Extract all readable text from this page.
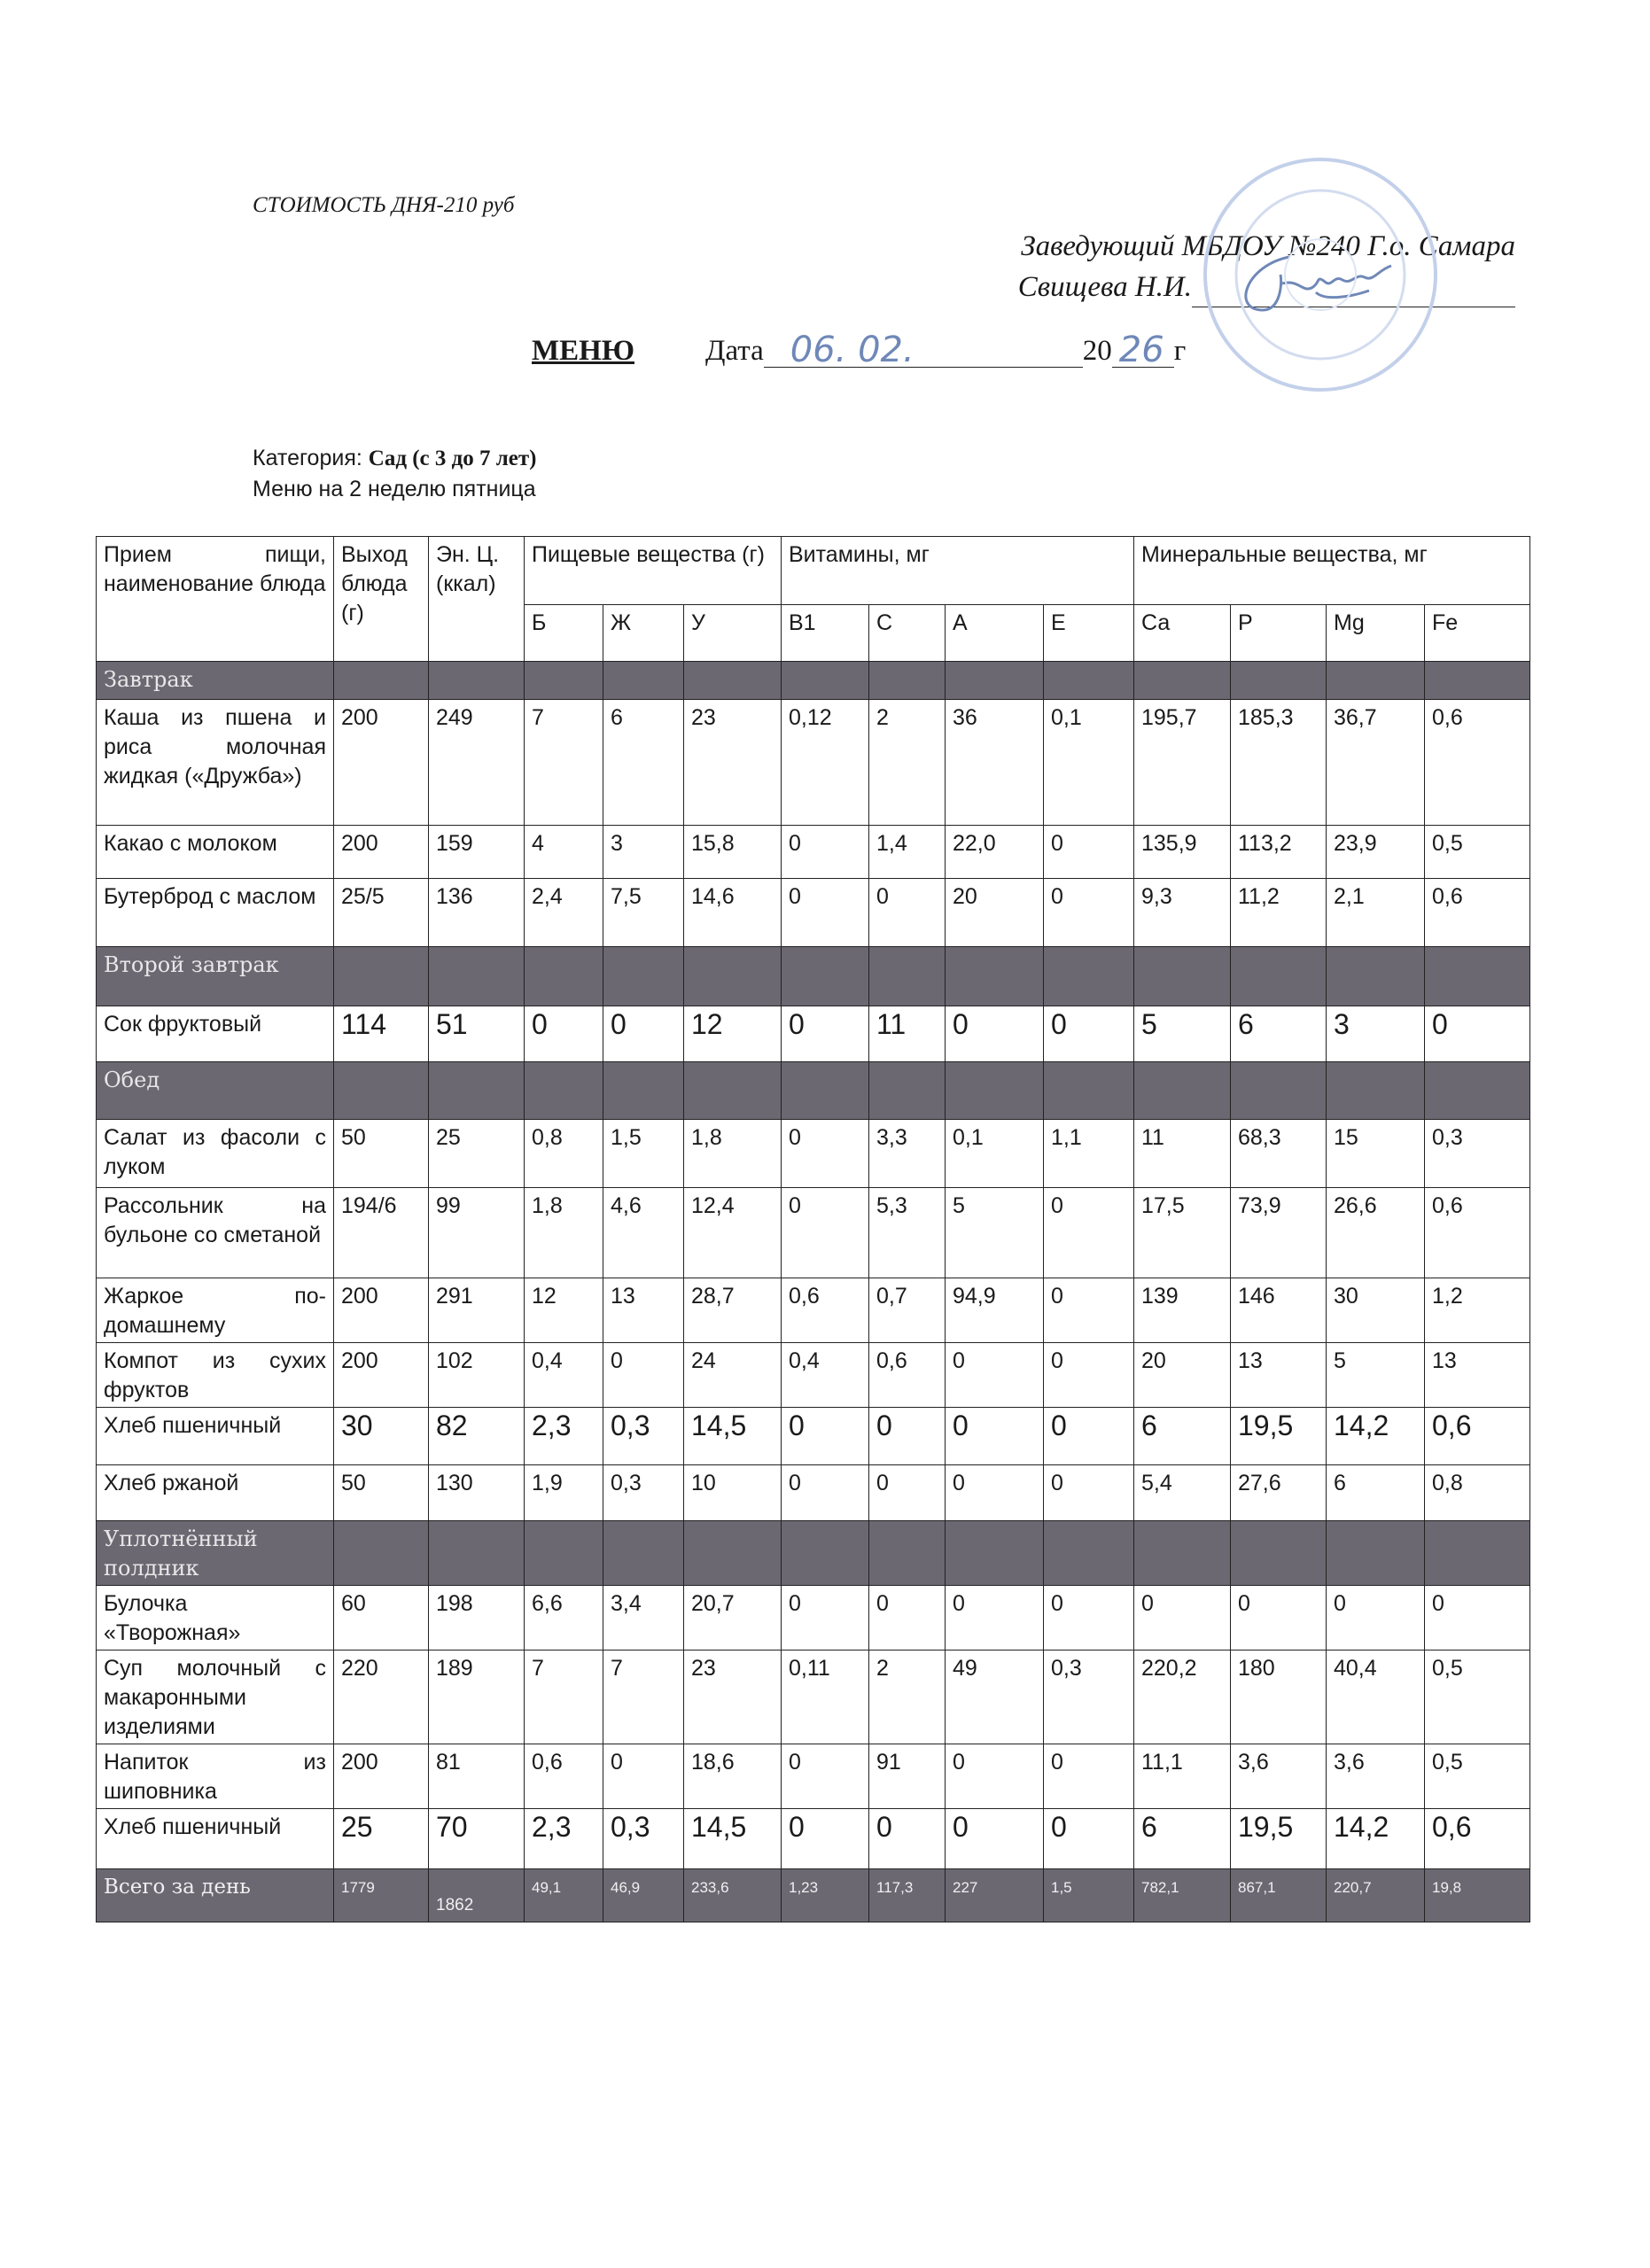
СТОИМОСТЬ ДНЯ-210 руб
Заведующий МБДОУ №240 Г.о. Самара
Свищева Н.И.
МЕНЮ Дата 06. 02.	20 26 г
Категория: Сад (с 3 до 7 лет)
Меню на 2 неделю пятница
Прием пищи, наименование блюда	Выход блюда (г)	Эн. Ц. (ккал)	Пищевые вещества (г)			Витамины, мг				Минеральные вещества, мг			
			Б	Ж	У	В1	С	А	Е	Са	Р	Mg	Fe
Завтрак													
Каша из пшена и риса молочная жидкая («Дружба»)	200	249	7	6	23	0,12	2	36	0,1	195,7	185,3	36,7	0,6
Какао с молоком	200	159	4	3	15,8	0	1,4	22,0	0	135,9	113,2	23,9	0,5
Бутерброд с маслом	25/5	136	2,4	7,5	14,6	0	0	20	0	9,3	11,2	2,1	0,6
Второй завтрак													
Сок фруктовый	114	51	0	0	12	0	11	0	0	5	6	3	0
Обед													
Салат из фасоли с луком	50	25	0,8	1,5	1,8	0	3,3	0,1	1,1	11	68,3	15	0,3
Рассольник на бульоне со сметаной	194/6	99	1,8	4,6	12,4	0	5,3	5	0	17,5	73,9	26,6	0,6
Жаркое по-домашнему	200	291	12	13	28,7	0,6	0,7	94,9	0	139	146	30	1,2
Компот из сухих фруктов	200	102	0,4	0	24	0,4	0,6	0	0	20	13	5	13
Хлеб пшеничный	30	82	2,3	0,3	14,5	0	0	0	0	6	19,5	14,2	0,6
Хлеб ржаной	50	130	1,9	0,3	10	0	0	0	0	5,4	27,6	6	0,8
Уплотнённый полдник													
Булочка «Творожная»	60	198	6,6	3,4	20,7	0	0	0	0	0	0	0	0
Суп молочный с макаронными изделиями	220	189	7	7	23	0,11	2	49	0,3	220,2	180	40,4	0,5
Напиток из шиповника	200	81	0,6	0	18,6	0	91	0	0	11,1	3,6	3,6	0,5
Хлеб пшеничный	25	70	2,3	0,3	14,5	0	0	0	0	6	19,5	14,2	0,6
Всего за день	1779	1862	49,1	46,9	233,6	1,23	117,3	227	1,5	782,1	867,1	220,7	19,8
